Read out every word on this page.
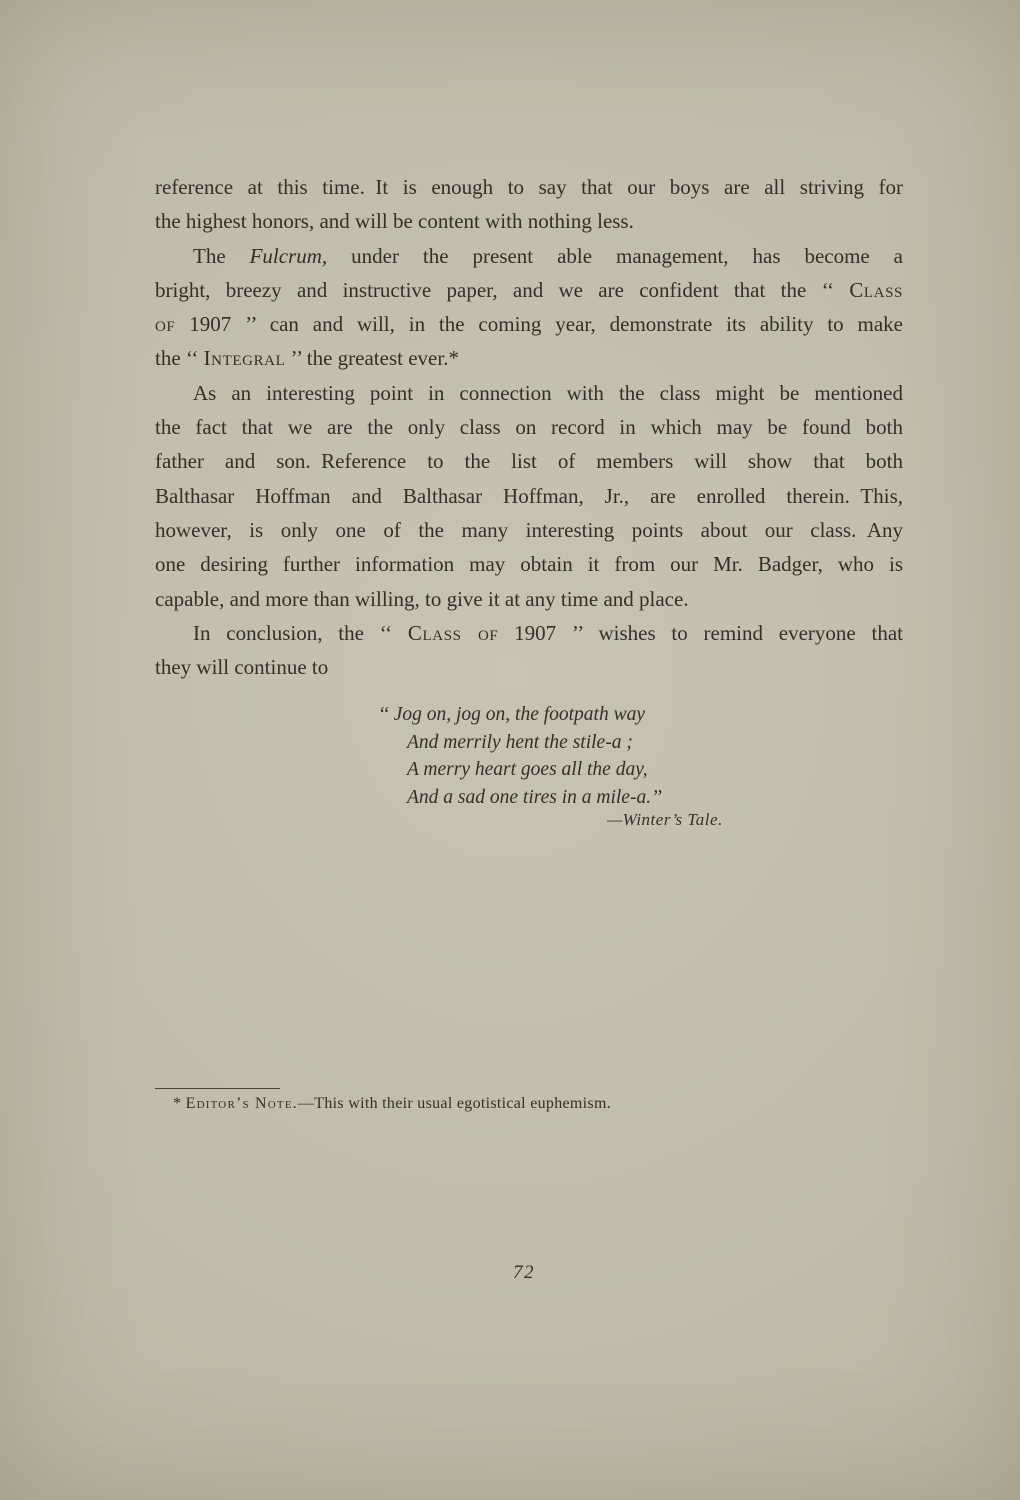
reference at this time. It is enough to say that our boys are all striving for
the highest honors, and will be content with nothing less.
The Fulcrum, under the present able management, has become a
bright, breezy and instructive paper, and we are confident that the ‘‘ Class
of 1907 ’’ can and will, in the coming year, demonstrate its ability to make
the ‘‘ Integral ’’ the greatest ever.*
As an interesting point in connection with the class might be mentioned
the fact that we are the only class on record in which may be found both
father and son. Reference to the list of members will show that both
Balthasar Hoffman and Balthasar Hoffman, Jr., are enrolled therein. This,
however, is only one of the many interesting points about our class. Any
one desiring further information may obtain it from our Mr. Badger, who is
capable, and more than willing, to give it at any time and place.
In conclusion, the ‘‘ Class of 1907 ’’ wishes to remind everyone that
they will continue to
‘‘ Jog on, jog on, the footpath way
And merrily hent the stile-a ;
A merry heart goes all the day,
And a sad one tires in a mile-a.’’
—Winter’s Tale.
* Editor’s Note.—This with their usual egotistical euphemism.
72
